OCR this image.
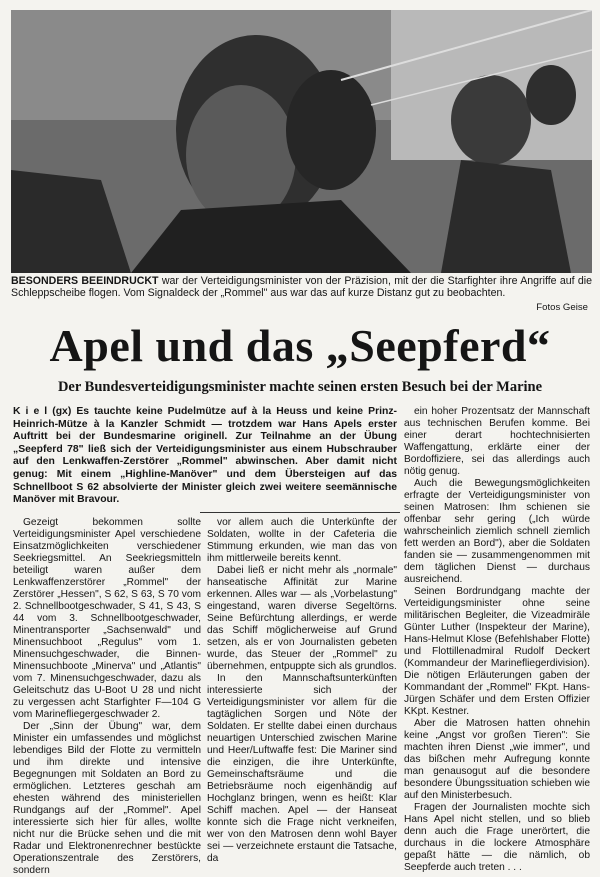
BESONDERS BEEINDRUCKT war der Verteidigungsminister von der Präzision, mit der die Starfighter ihre Angriffe auf die Schleppscheibe flogen. Vom Signaldeck der „Rommel" aus war das auf kurze Distanz gut zu beobachten.
Fotos Geise
Apel und das „Seepferd“
Der Bundesverteidigungsminister machte seinen ersten Besuch bei der Marine
K i e l (gx) Es tauchte keine Pudelmütze auf à la Heuss und keine Prinz-Heinrich-Mütze à la Kanzler Schmidt — trotzdem war Hans Apels erster Auftritt bei der Bundesmarine originell. Zur Teilnahme an der Übung „Seepferd 78" ließ sich der Verteidigungsminister aus einem Hubschrauber auf den Lenkwaffen-Zerstörer „Rommel" abwinschen. Aber damit nicht genug: Mit einem „Highline-Manöver" und dem Übersteigen auf das Schnellboot S 62 absolvierte der Minister gleich zwei weitere seemännische Manöver mit Bravour.

Gezeigt bekommen sollte Verteidigungsminister Apel verschiedene Einsatzmöglichkeiten verschiedener Seekriegsmittel. An Seekriegsmitteln beteiligt waren außer dem Lenkwaffenzerstörer „Rommel" der Zerstörer „Hessen", S 62, S 63, S 70 vom 2. Schnellbootgeschwader, S 41, S 43, S 44 vom 3. Schnellbootgeschwader, Minentransporter „Sachsenwald" und Minensuchboot „Regulus" vom 1. Minensuchgeschwader, die Binnen-Minensuchboote „Minerva" und „Atlantis" vom 7. Minensuchgeschwader, dazu als Geleitschutz das U-Boot U 28 und nicht zu vergessen acht Starfighter F—104 G vom Marinefliegergeschwader 2.

Der „Sinn der Übung" war, dem Minister ein umfassendes und möglichst lebendiges Bild der Flotte zu vermitteln und ihm direkte und intensive Begegnungen mit Soldaten an Bord zu ermöglichen. Letzteres geschah am ehesten während des ministeriellen Rundgangs auf der „Rommel". Apel interessierte sich hier für alles, wollte nicht nur die Brücke sehen und die mit Radar und Elektronenrechner bestückte Operationszentrale des Zerstörers, sondern

vor allem auch die Unterkünfte der Soldaten, wollte in der Cafeteria die Stimmung erkunden, wie man das von ihm mittlerweile bereits kennt.

Dabei ließ er nicht mehr als „normale" hanseatische Affinität zur Marine erkennen. Alles war — als „Vorbelastung" eingestand, waren diverse Segeltörns. Seine Befürchtung allerdings, er werde das Schiff möglicherweise auf Grund setzen, als er von Journalisten gebeten wurde, das Steuer der „Rommel" zu übernehmen, entpuppte sich als grundlos.

In den Mannschaftsunterkünften interessierte sich der Verteidigungsminister vor allem für die tagtäglichen Sorgen und Nöte der Soldaten. Er stellte dabei einen durchaus neuartigen Unterschied zwischen Marine und Heer/Luftwaffe fest: Die Mariner sind die einzigen, die ihre Unterkünfte, Gemeinschaftsräume und die Betriebsräume noch eigenhändig auf Hochglanz bringen, wenn es heißt: Klar Schiff machen. Apel — der Hanseat konnte sich die Frage nicht verkneifen, wer von den Matrosen denn wohl Bayer sei — verzeichnete erstaunt die Tatsache, da

ein hoher Prozentsatz der Mannschaft aus technischen Berufen komme. Bei einer derart hochtechnisierten Waffengattung, erklärte einer der Bordoffiziere, sei das allerdings auch nötig genug.

Auch die Bewegungsmöglichkeiten erfragte der Verteidigungsminister von seinen Matrosen: Ihm schienen sie offenbar sehr gering („Ich würde wahrscheinlich ziemlich schnell ziemlich fett werden an Bord"), aber die Soldaten fanden sie — zusammengenommen mit dem täglichen Dienst — durchaus ausreichend.

Seinen Bordrundgang machte der Verteidigungsminister ohne seine militärischen Begleiter, die Vizeadmiräle Günter Luther (Inspekteur der Marine), Hans-Helmut Klose (Befehlshaber Flotte) und Flottillenadmiral Rudolf Deckert (Kommandeur der Marinefliegerdivision). Die nötigen Erläuterungen gaben der Kommandant der „Rommel" FKpt. Hans-Jürgen Schäfer und dem Ersten Offizier KKpt. Kestner.

Aber die Matrosen hatten ohnehin keine „Angst vor großen Tieren": Sie machten ihren Dienst „wie immer", und das bißchen mehr Aufregung konnte man genausogut auf die besondere besondere Übungssituation schieben wie auf den Ministerbesuch.

Fragen der Journalisten mochte sich Hans Apel nicht stellen, und so blieb denn auch die Frage unerörtert, die durchaus in die lockere Atmosphäre gepaßt hätte — die nämlich, ob Seepferde auch treten . . .
